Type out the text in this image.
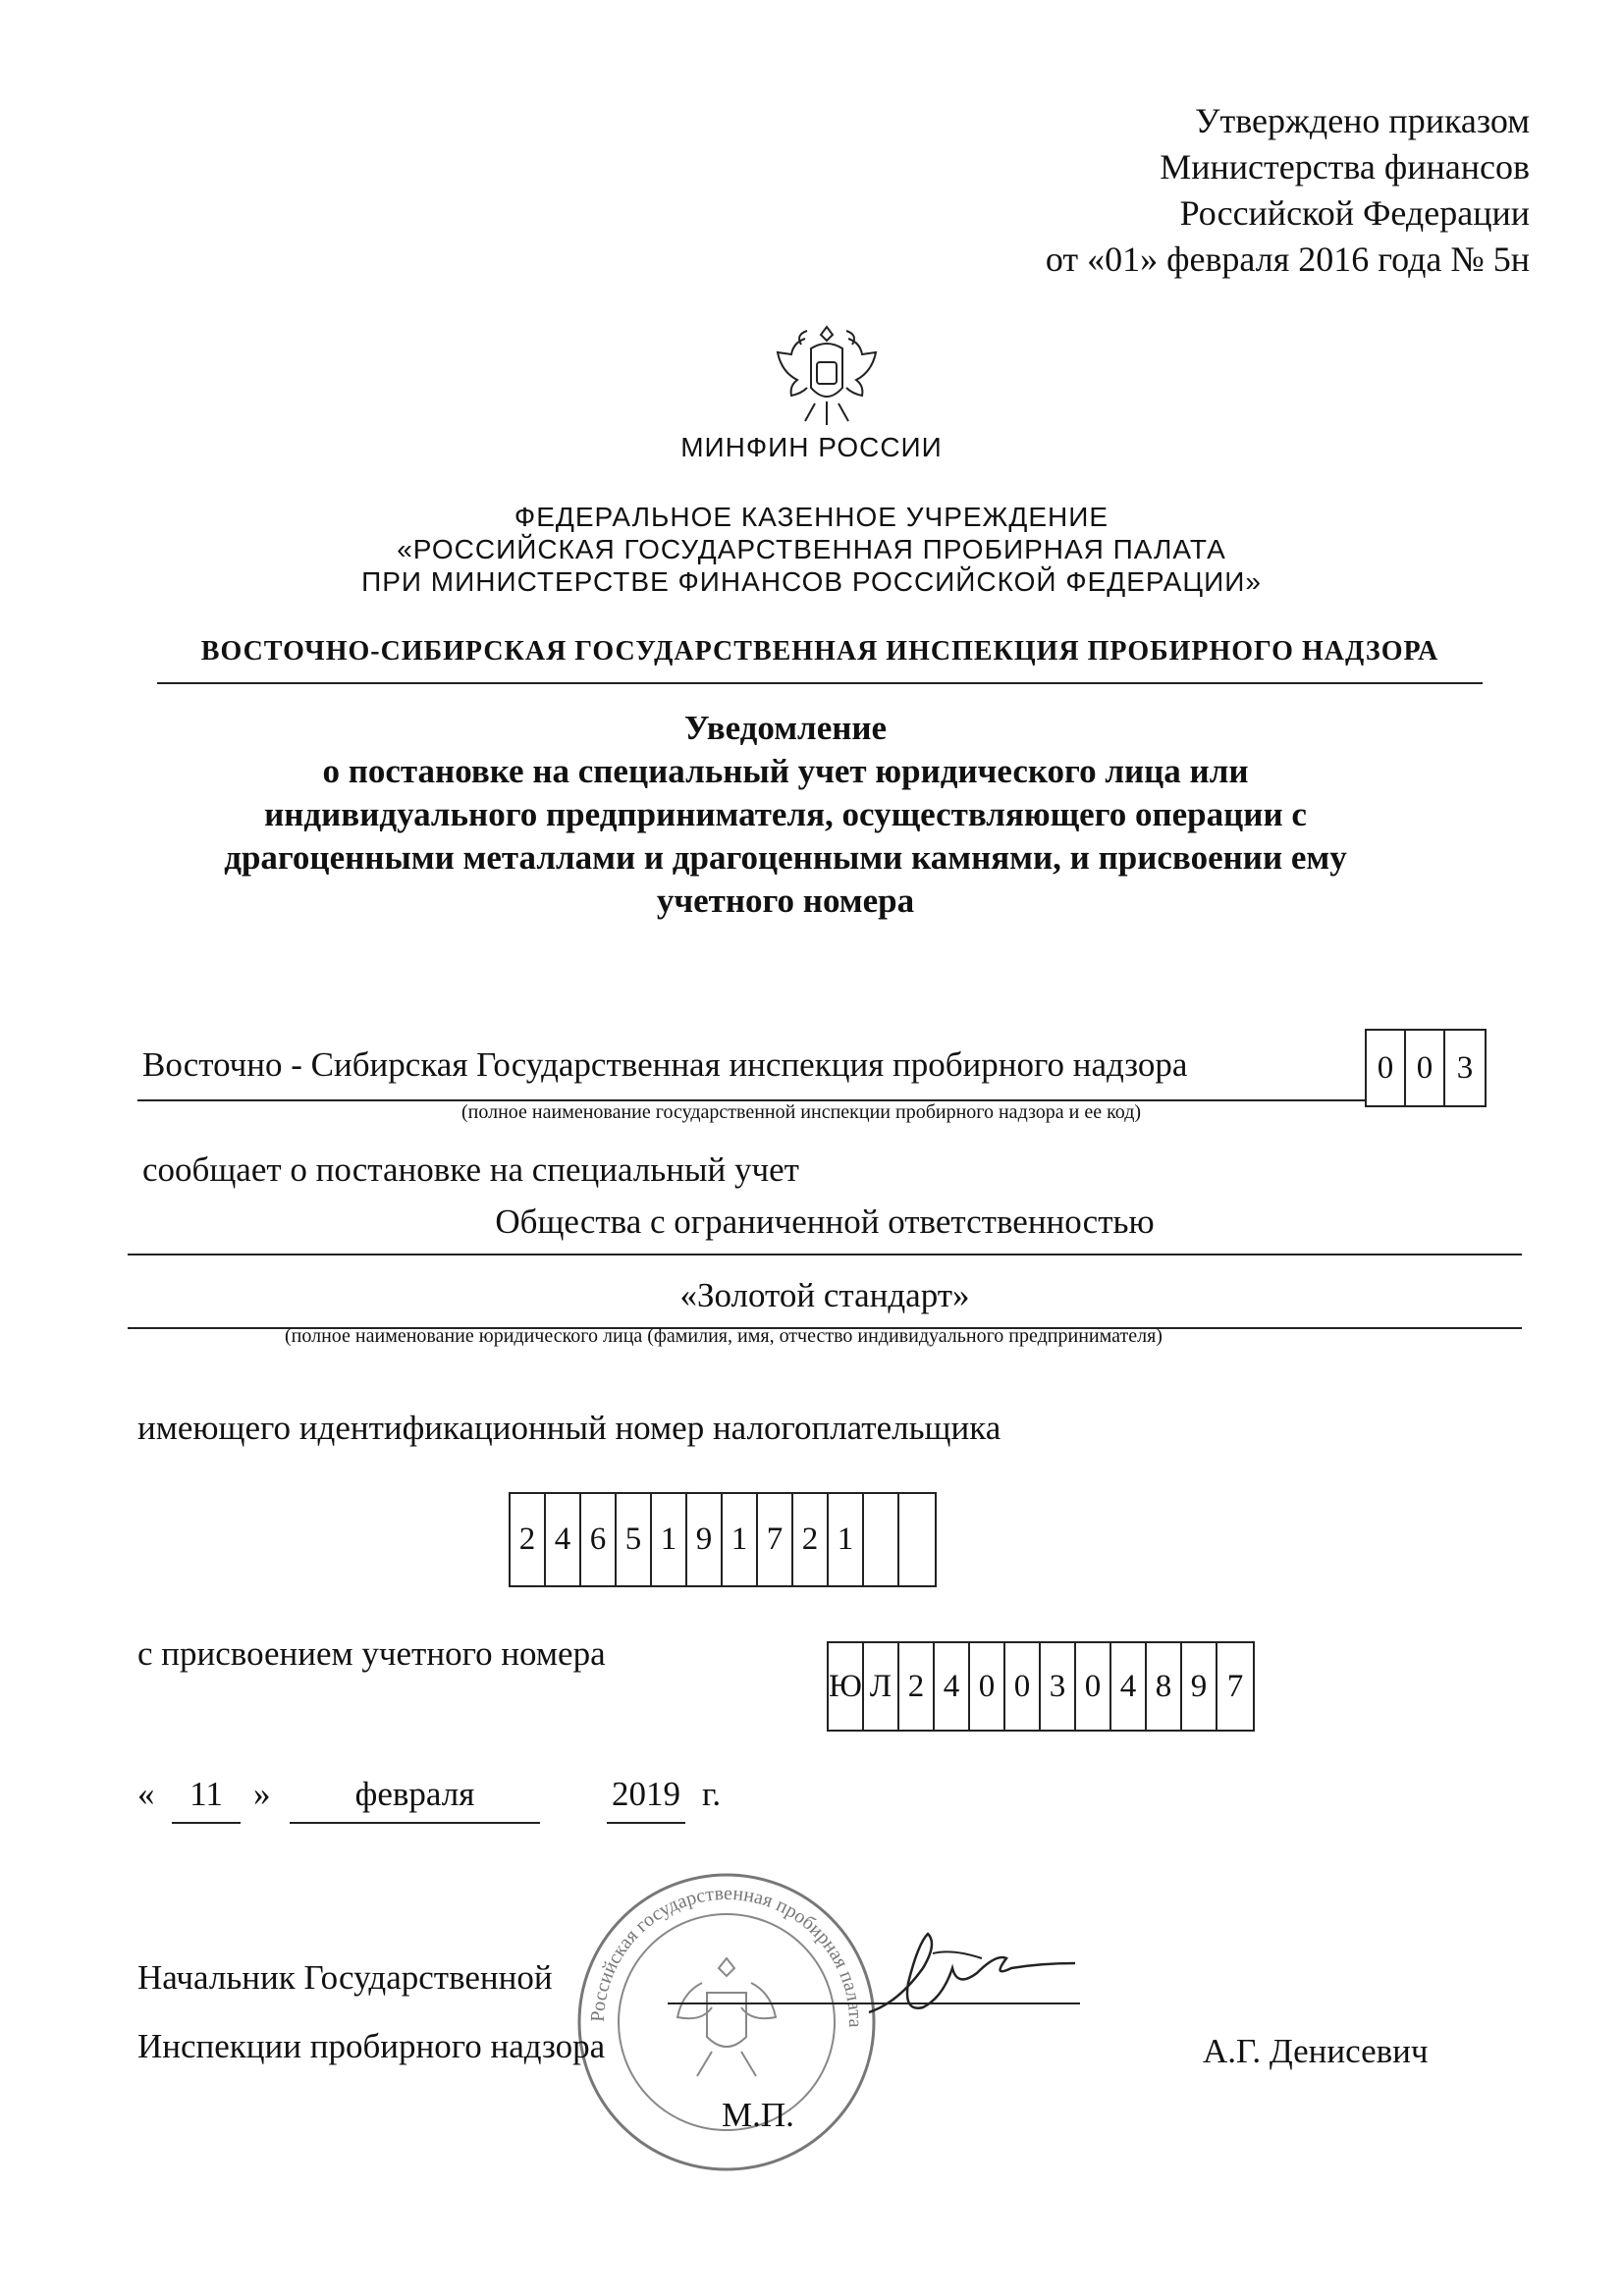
Утверждено приказом
Министерства финансов
Российской Федерации
от «01» февраля 2016 года № 5н
МИНФИН РОССИИ
ФЕДЕРАЛЬНОЕ КАЗЕННОЕ УЧРЕЖДЕНИЕ
«РОССИЙСКАЯ ГОСУДАРСТВЕННАЯ ПРОБИРНАЯ ПАЛАТА
ПРИ МИНИСТЕРСТВЕ ФИНАНСОВ РОССИЙСКОЙ ФЕДЕРАЦИИ»
ВОСТОЧНО-СИБИРСКАЯ ГОСУДАРСТВЕННАЯ ИНСПЕКЦИЯ ПРОБИРНОГО НАДЗОРА
Уведомление
о постановке на специальный учет юридического лица или
индивидуального предпринимателя, осуществляющего операции с
драгоценными металлами и драгоценными камнями, и присвоении ему
учетного номера
Восточно - Сибирская Государственная инспекция пробирного надзора	0 0 3
(полное наименование государственной инспекции пробирного надзора и ее код)
сообщает о постановке на специальный учет
Общества с ограниченной ответственностью
«Золотой стандарт»
(полное наименование юридического лица (фамилия, имя, отчество индивидуального предпринимателя)
имеющего идентификационный номер налогоплательщика
2 4 6 5 1 9 1 7 2 1
с присвоением учетного номера
Ю Л 2 4 0 0 3 0 4 8 9 7
«	11 »	февраля	2019 г.
Российская государственная пробирная палата
Начальник Государственной
Инспекции пробирного надзора	А.Г. Денисевич
М.П.
